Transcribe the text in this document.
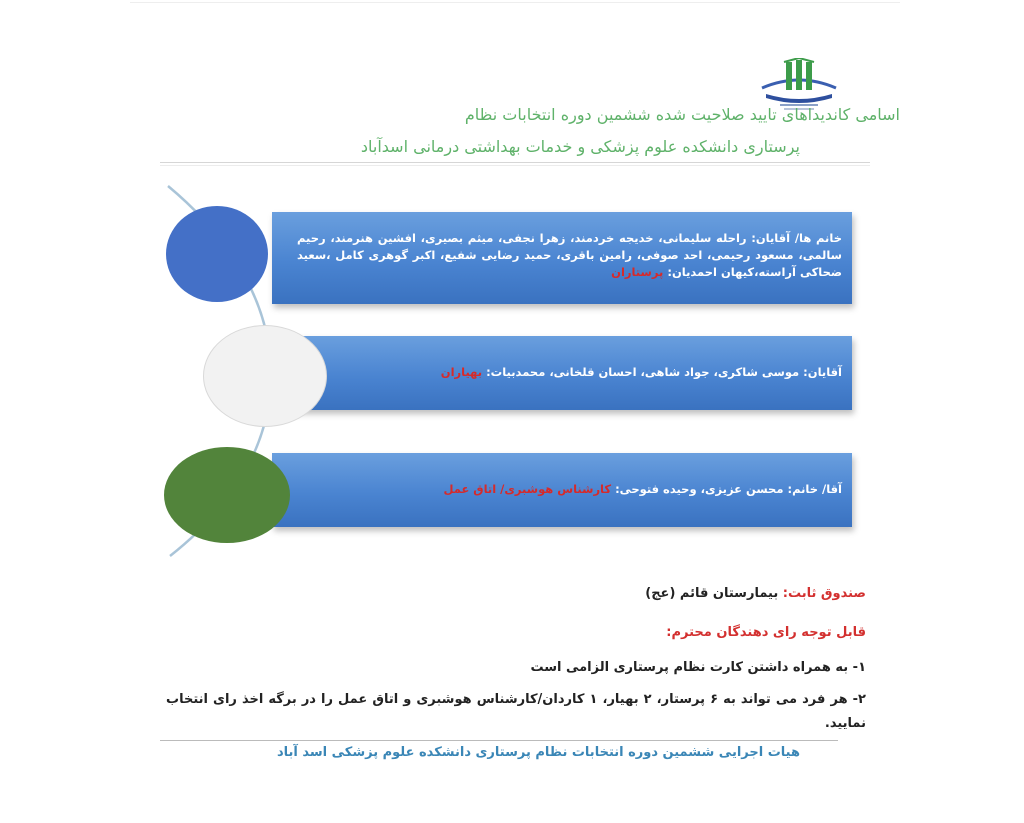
اسامی کاندیداهای تایید صلاحیت شده ششمین دوره انتخابات نظام
پرستاری دانشکده علوم پزشکی و خدمات بهداشتی درمانی اسدآباد
خانم ها/ آقایان: راحله سلیمانی، خدیجه خردمند، زهرا نجفی، میثم بصیری، افشین هنرمند، رحیم سالمی، مسعود رحیمی، احد صوفی، رامین باقری، حمید رضایی شفیع، اکبر گوهری کامل ،سعید ضحاکی آراسته،کیهان احمدیان: پرستاران
آقایان: موسی شاکری، جواد شاهی، احسان قلخانی، محمدبیات: بهیاران
آقا/ خانم: محسن عزیزی، وحیده فتوحی: کارشناس هوشبری/ اتاق عمل
صندوق ثابت: بیمارستان قائم (عج)
قابل توجه رای دهندگان محترم:
۱- به همراه داشتن کارت نظام پرستاری الزامی است
۲- هر فرد می تواند به ۶ پرستار، ۲ بهیار، ۱ کاردان/کارشناس هوشبری و اتاق عمل را در برگه اخذ رای انتخاب نمایید.
هیات اجرایی ششمین دوره انتخابات نظام پرستاری دانشکده علوم پزشکی اسد آباد
